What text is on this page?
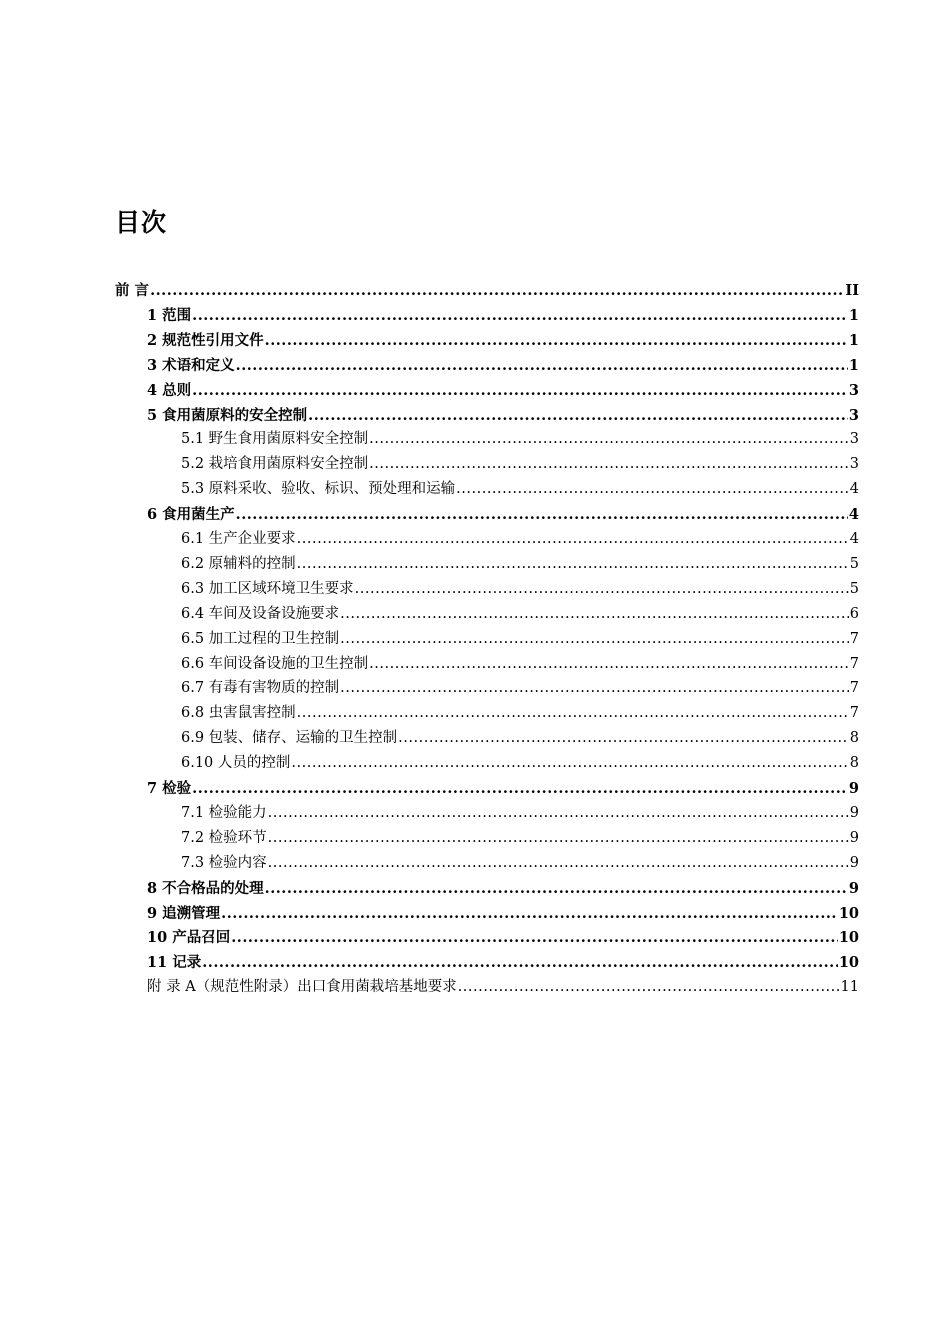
目次
前 言 .....	II
1 范围 .....	1
2 规范性引用文件 .....	1
3 术语和定义 .....	1
4 总则 .....	3
5 食用菌原料的安全控制 .....	3
5.1 野生食用菌原料安全控制 .....	3
5.2 栽培食用菌原料安全控制 .....	3
5.3 原料采收、验收、标识、预处理和运输 .....	4
6 食用菌生产 .....	4
6.1 生产企业要求 .....	4
6.2 原辅料的控制 .....	5
6.3 加工区域环境卫生要求 .....	5
6.4 车间及设备设施要求 .....	6
6.5 加工过程的卫生控制 .....	7
6.6 车间设备设施的卫生控制 .....	7
6.7 有毒有害物质的控制 .....	7
6.8 虫害鼠害控制 .....	7
6.9 包装、储存、运输的卫生控制 .....	8
6.10 人员的控制 .....	8
7 检验 .....	9
7.1 检验能力 .....	9
7.2 检验环节 .....	9
7.3 检验内容 .....	9
8 不合格品的处理 .....	9
9 追溯管理 .....	10
10 产品召回 .....	10
11 记录 .....	10
附 录 A（规范性附录）出口食用菌栽培基地要求 .....	11
